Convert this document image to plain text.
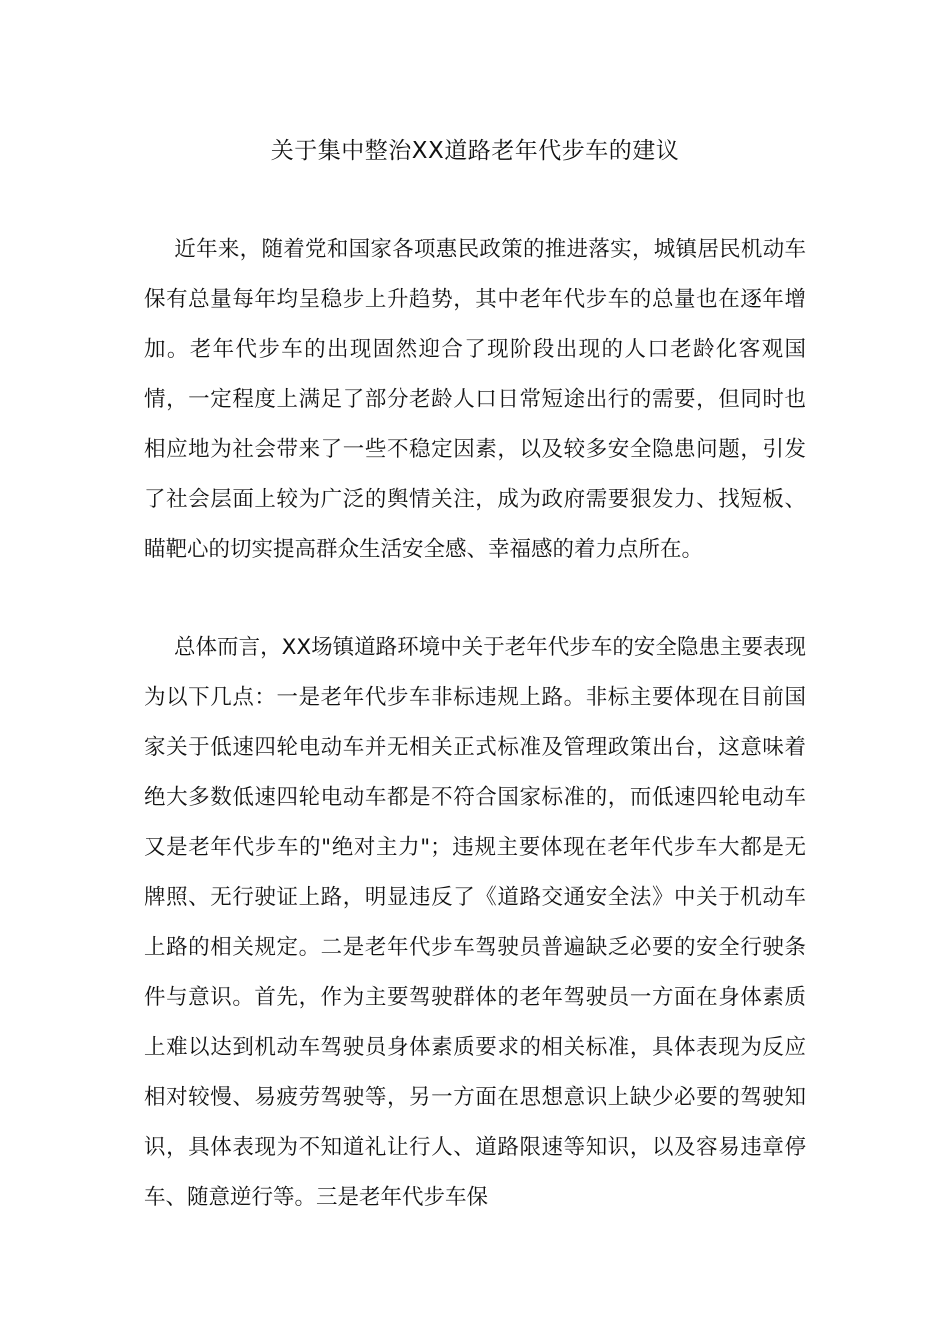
关于集中整治XX道路老年代步车的建议

近年来，随着党和国家各项惠民政策的推进落实，城镇居民机动车保有总量每年均呈稳步上升趋势，其中老年代步车的总量也在逐年增加。老年代步车的出现固然迎合了现阶段出现的人口老龄化客观国情，一定程度上满足了部分老龄人口日常短途出行的需要，但同时也相应地为社会带来了一些不稳定因素，以及较多安全隐患问题，引发了社会层面上较为广泛的舆情关注，成为政府需要狠发力、找短板、瞄靶心的切实提高群众生活安全感、幸福感的着力点所在。

总体而言，XX场镇道路环境中关于老年代步车的安全隐患主要表现为以下几点：一是老年代步车非标违规上路。非标主要体现在目前国家关于低速四轮电动车并无相关正式标准及管理政策出台，这意味着绝大多数低速四轮电动车都是不符合国家标准的，而低速四轮电动车又是老年代步车的"绝对主力"；违规主要体现在老年代步车大都是无牌照、无行驶证上路，明显违反了《道路交通安全法》中关于机动车上路的相关规定。二是老年代步车驾驶员普遍缺乏必要的安全行驶条件与意识。首先，作为主要驾驶群体的老年驾驶员一方面在身体素质上难以达到机动车驾驶员身体素质要求的相关标准，具体表现为反应相对较慢、易疲劳驾驶等，另一方面在思想意识上缺少必要的驾驶知识，具体表现为不知道礼让行人、道路限速等知识，以及容易违章停车、随意逆行等。三是老年代步车保
